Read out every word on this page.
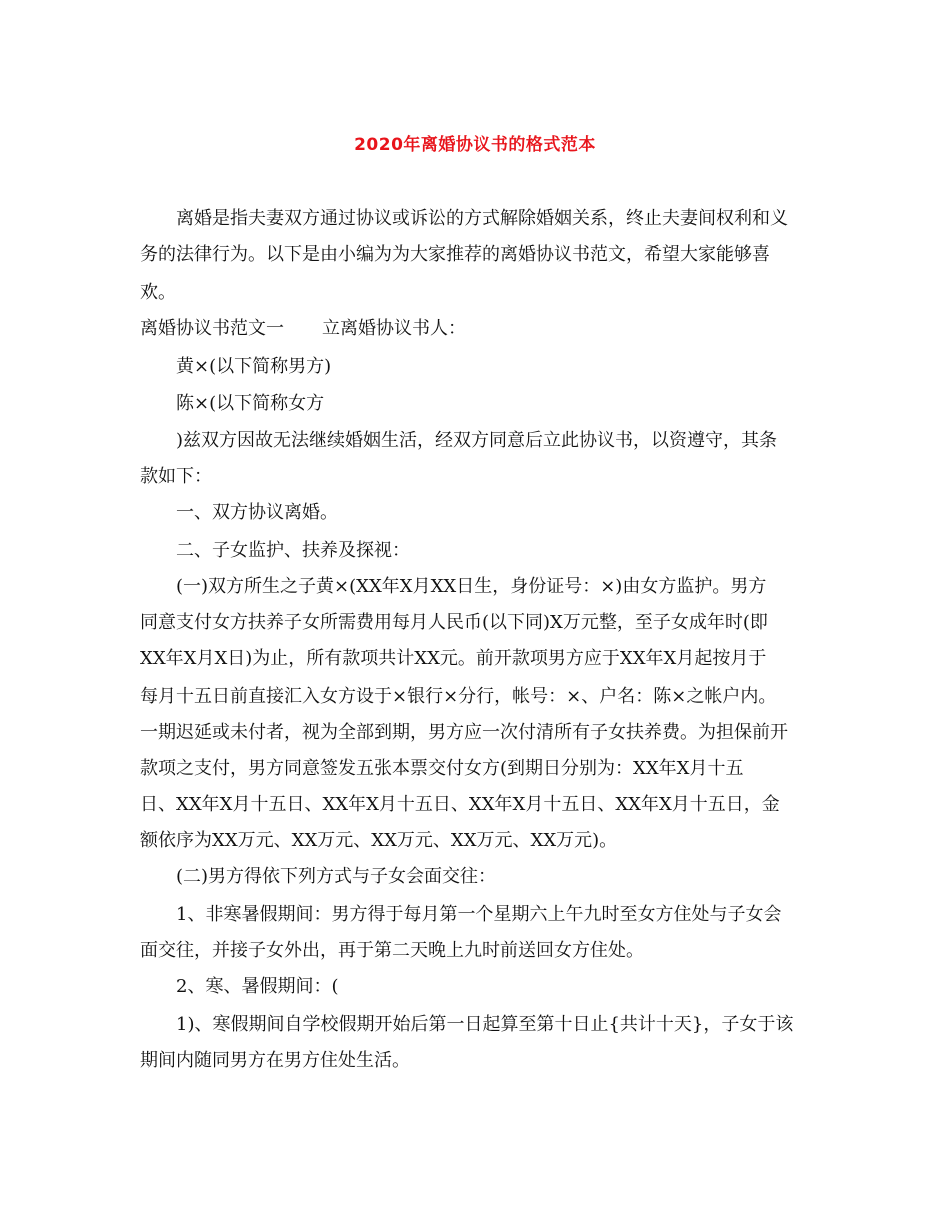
2020年离婚协议书的格式范本
离婚是指夫妻双方通过协议或诉讼的方式解除婚姻关系，终止夫妻间权利和义
务的法律行为。以下是由小编为为大家推荐的离婚协议书范文，希望大家能够喜
欢。
离婚协议书范文一 立离婚协议书人：
黄×(以下简称男方)
陈×(以下简称女方
)兹双方因故无法继续婚姻生活，经双方同意后立此协议书，以资遵守，其条
款如下：
一、双方协议离婚。
二、子女监护、扶养及探视：
(一)双方所生之子黄×(XX年X月XX日生，身份证号：×)由女方监护。男方
同意支付女方扶养子女所需费用每月人民币(以下同)X万元整，至子女成年时(即
XX年X月X日)为止，所有款项共计XX元。前开款项男方应于XX年X月起按月于
每月十五日前直接汇入女方设于×银行×分行，帐号：×、户名：陈×之帐户内。
一期迟延或未付者，视为全部到期，男方应一次付清所有子女扶养费。为担保前开
款项之支付，男方同意签发五张本票交付女方(到期日分别为：XX年X月十五
日、XX年X月十五日、XX年X月十五日、XX年X月十五日、XX年X月十五日，金
额依序为XX万元、XX万元、XX万元、XX万元、XX万元)。
(二)男方得依下列方式与子女会面交往：
1、非寒暑假期间：男方得于每月第一个星期六上午九时至女方住处与子女会
面交往，并接子女外出，再于第二天晚上九时前送回女方住处。
2、寒、暑假期间：(
1)、寒假期间自学校假期开始后第一日起算至第十日止{共计十天}，子女于该
期间内随同男方在男方住处生活。
